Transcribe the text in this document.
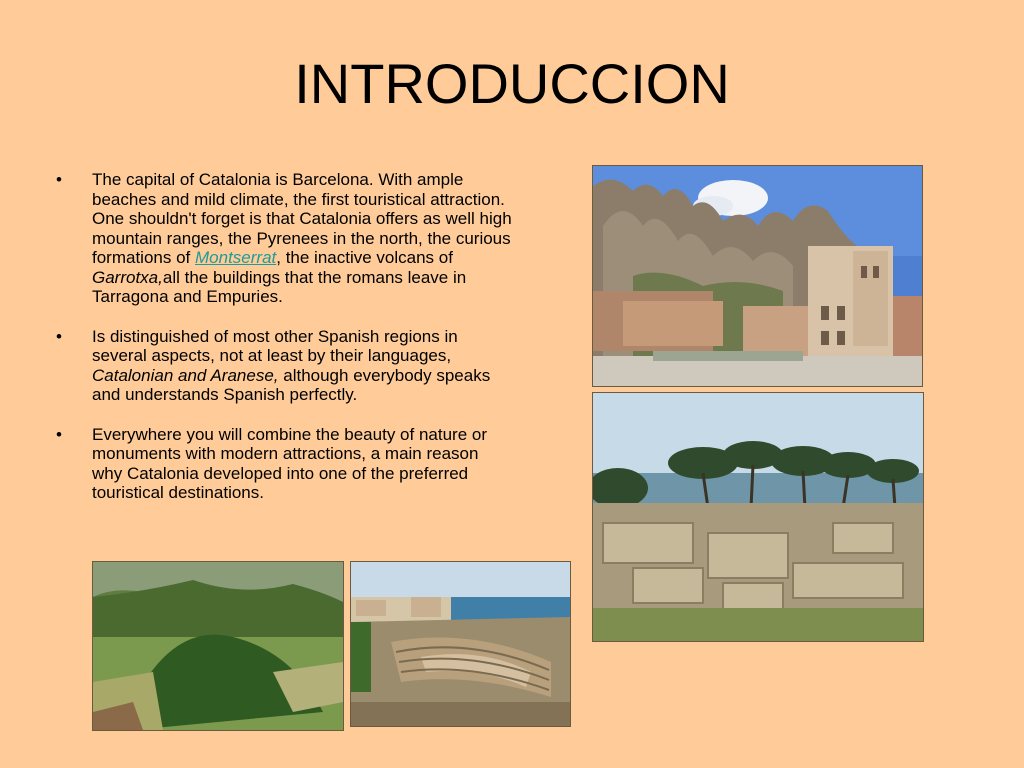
INTRODUCCION
• The capital of Catalonia is Barcelona. With ample beaches and mild climate, the first touristical attraction. One shouldn't forget is that Catalonia offers as well high mountain ranges, the Pyrenees in the north, the curious formations of Montserrat, the inactive volcans of Garrotxa,all the buildings that the romans leave in Tarragona and Empuries.
• Is distinguished of most other Spanish regions in several aspects, not at least by their languages, Catalonian and Aranese, although everybody speaks and understands Spanish perfectly.
• Everywhere you will combine the beauty of nature or monuments with modern attractions, a main reason why Catalonia developed into one of the preferred touristical destinations.
